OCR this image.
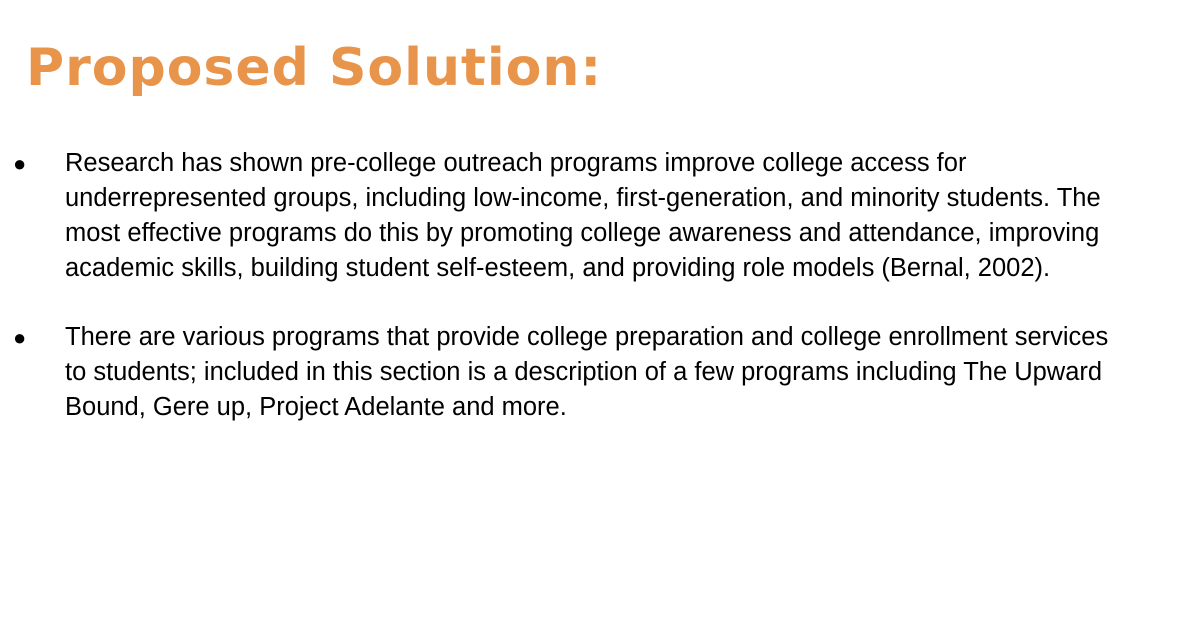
Proposed Solution:
●	Research has shown pre-college outreach programs improve college access for underrepresented groups, including low-income, first-generation, and minority students. The most effective programs do this by promoting college awareness and attendance, improving academic skills, building student self-esteem, and providing role models (Bernal, 2002).
●	There are various programs that provide college preparation and college enrollment services to students; included in this section is a description of a few programs including The Upward Bound, Gere up, Project Adelante and more.
